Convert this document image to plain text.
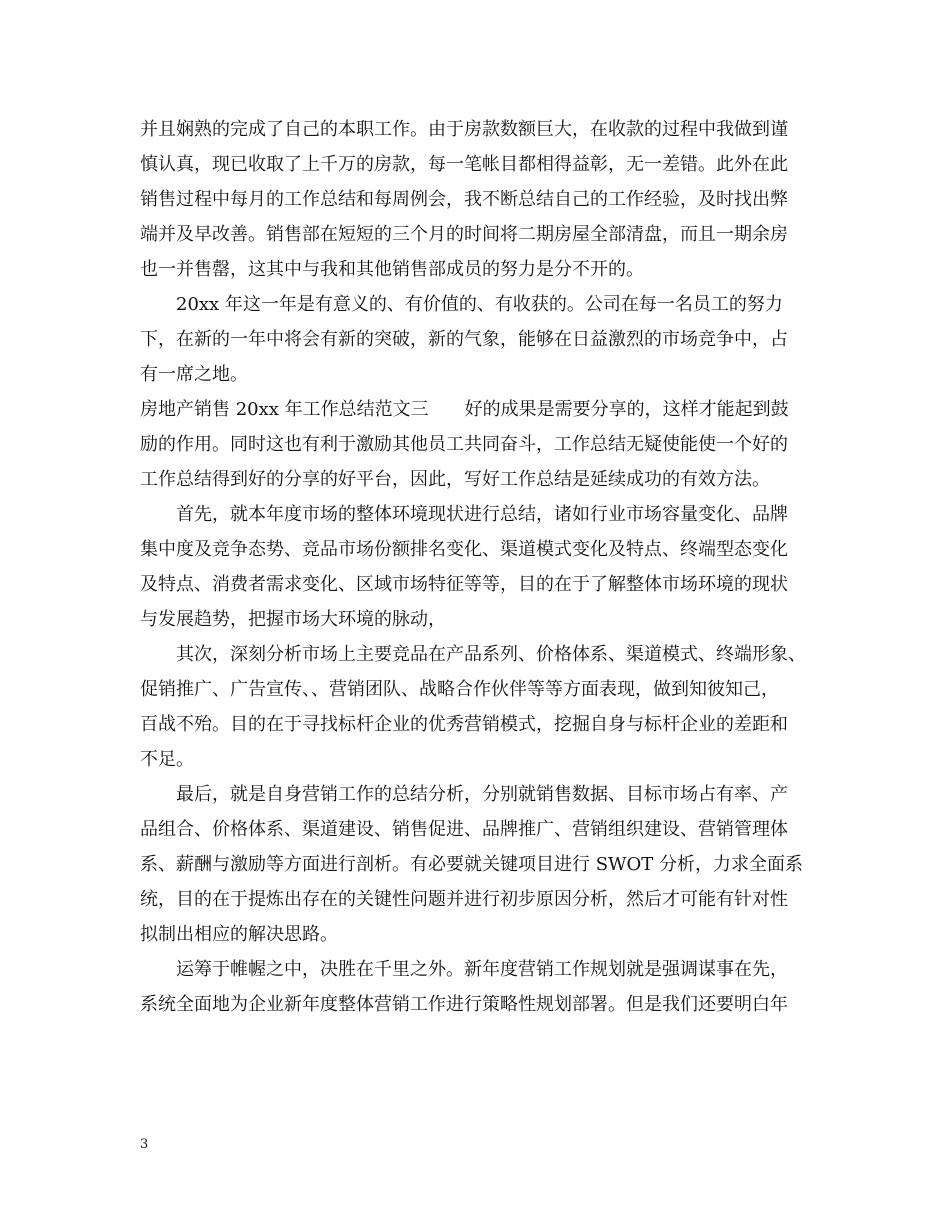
并且娴熟的完成了自己的本职工作。由于房款数额巨大，在收款的过程中我做到谨
慎认真，现已收取了上千万的房款，每一笔帐目都相得益彰，无一差错。此外在此
销售过程中每月的工作总结和每周例会，我不断总结自己的工作经验，及时找出弊
端并及早改善。销售部在短短的三个月的时间将二期房屋全部清盘，而且一期余房
也一并售罄，这其中与我和其他销售部成员的努力是分不开的。
20xx 年这一年是有意义的、有价值的、有收获的。公司在每一名员工的努力
下，在新的一年中将会有新的突破，新的气象，能够在日益激烈的市场竞争中，占
有一席之地。
房地产销售 20xx 年工作总结范文三　　好的成果是需要分享的，这样才能起到鼓
励的作用。同时这也有利于激励其他员工共同奋斗，工作总结无疑使能使一个好的
工作总结得到好的分享的好平台，因此，写好工作总结是延续成功的有效方法。
首先，就本年度市场的整体环境现状进行总结，诸如行业市场容量变化、品牌
集中度及竞争态势、竞品市场份额排名变化、渠道模式变化及特点、终端型态变化
及特点、消费者需求变化、区域市场特征等等，目的在于了解整体市场环境的现状
与发展趋势，把握市场大环境的脉动，
其次，深刻分析市场上主要竞品在产品系列、价格体系、渠道模式、终端形象、
促销推广、广告宣传、、营销团队、战略合作伙伴等等方面表现，做到知彼知己，
百战不殆。目的在于寻找标杆企业的优秀营销模式，挖掘自身与标杆企业的差距和
不足。
最后，就是自身营销工作的总结分析，分别就销售数据、目标市场占有率、产
品组合、价格体系、渠道建设、销售促进、品牌推广、营销组织建设、营销管理体
系、薪酬与激励等方面进行剖析。有必要就关键项目进行 SWOT 分析，力求全面系
统，目的在于提炼出存在的关键性问题并进行初步原因分析，然后才可能有针对性
拟制出相应的解决思路。
运筹于帷幄之中，决胜在千里之外。新年度营销工作规划就是强调谋事在先，
系统全面地为企业新年度整体营销工作进行策略性规划部署。但是我们还要明白年
3
